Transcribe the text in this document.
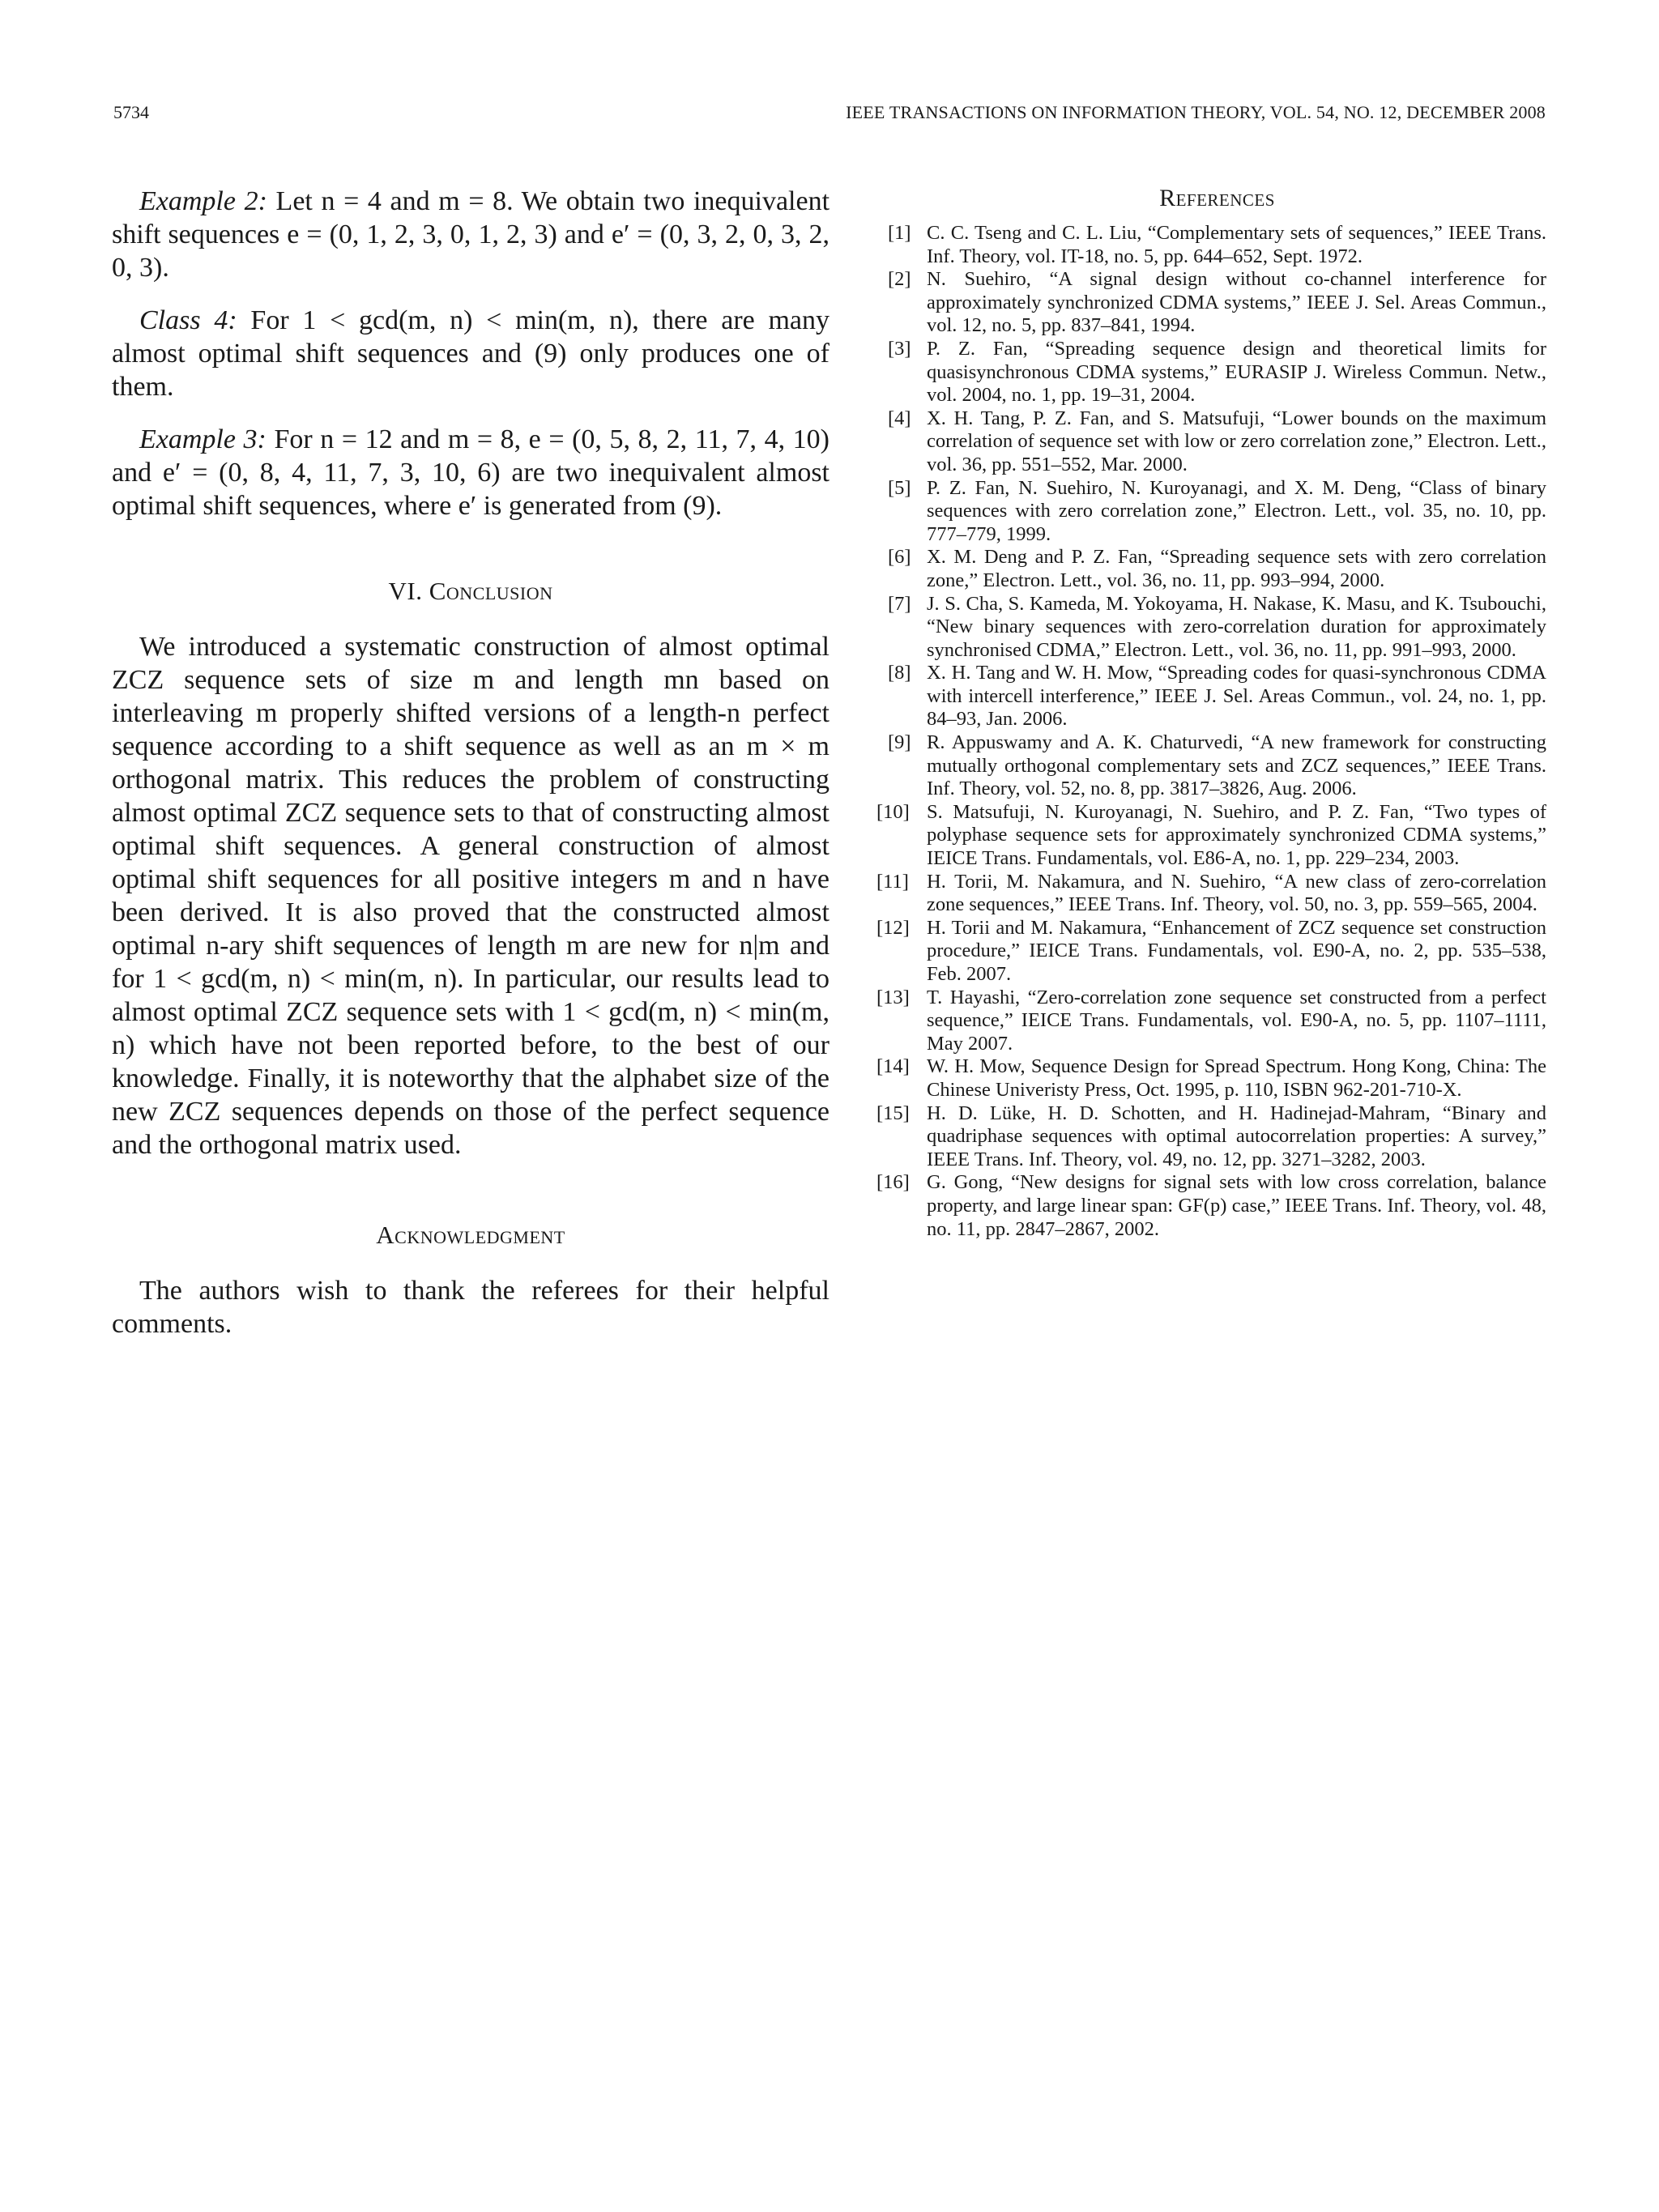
5734	IEEE TRANSACTIONS ON INFORMATION THEORY, VOL. 54, NO. 12, DECEMBER 2008

Example 2: Let n = 4 and m = 8. We obtain two inequivalent shift sequences e = (0, 1, 2, 3, 0, 1, 2, 3) and e′ = (0, 3, 2, 0, 3, 2, 0, 3).

Class 4: For 1 < gcd(m, n) < min(m, n), there are many almost optimal shift sequences and (9) only produces one of them.

Example 3: For n = 12 and m = 8, e = (0, 5, 8, 2, 11, 7, 4, 10) and e′ = (0, 8, 4, 11, 7, 3, 10, 6) are two inequivalent almost optimal shift sequences, where e′ is generated from (9).

VI. Conclusion

We introduced a systematic construction of almost optimal ZCZ sequence sets of size m and length mn based on interleaving m properly shifted versions of a length-n perfect sequence according to a shift sequence as well as an m × m orthogonal matrix. This reduces the problem of constructing almost optimal ZCZ sequence sets to that of constructing almost optimal shift sequences. A general construction of almost optimal shift sequences for all positive integers m and n have been derived. It is also proved that the constructed almost optimal n-ary shift sequences of length m are new for n|m and for 1 < gcd(m, n) < min(m, n). In particular, our results lead to almost optimal ZCZ sequence sets with 1 < gcd(m, n) < min(m, n) which have not been reported before, to the best of our knowledge. Finally, it is noteworthy that the alphabet size of the new ZCZ sequences depends on those of the perfect sequence and the orthogonal matrix used.

Acknowledgment

The authors wish to thank the referees for their helpful comments.

References
[1] C. C. Tseng and C. L. Liu, “Complementary sets of sequences,” IEEE Trans. Inf. Theory, vol. IT-18, no. 5, pp. 644–652, Sept. 1972.
[2] N. Suehiro, “A signal design without co-channel interference for approximately synchronized CDMA systems,” IEEE J. Sel. Areas Commun., vol. 12, no. 5, pp. 837–841, 1994.
[3] P. Z. Fan, “Spreading sequence design and theoretical limits for quasisynchronous CDMA systems,” EURASIP J. Wireless Commun. Netw., vol. 2004, no. 1, pp. 19–31, 2004.
[4] X. H. Tang, P. Z. Fan, and S. Matsufuji, “Lower bounds on the maximum correlation of sequence set with low or zero correlation zone,” Electron. Lett., vol. 36, pp. 551–552, Mar. 2000.
[5] P. Z. Fan, N. Suehiro, N. Kuroyanagi, and X. M. Deng, “Class of binary sequences with zero correlation zone,” Electron. Lett., vol. 35, no. 10, pp. 777–779, 1999.
[6] X. M. Deng and P. Z. Fan, “Spreading sequence sets with zero correlation zone,” Electron. Lett., vol. 36, no. 11, pp. 993–994, 2000.
[7] J. S. Cha, S. Kameda, M. Yokoyama, H. Nakase, K. Masu, and K. Tsubouchi, “New binary sequences with zero-correlation duration for approximately synchronised CDMA,” Electron. Lett., vol. 36, no. 11, pp. 991–993, 2000.
[8] X. H. Tang and W. H. Mow, “Spreading codes for quasi-synchronous CDMA with intercell interference,” IEEE J. Sel. Areas Commun., vol. 24, no. 1, pp. 84–93, Jan. 2006.
[9] R. Appuswamy and A. K. Chaturvedi, “A new framework for constructing mutually orthogonal complementary sets and ZCZ sequences,” IEEE Trans. Inf. Theory, vol. 52, no. 8, pp. 3817–3826, Aug. 2006.
[10] S. Matsufuji, N. Kuroyanagi, N. Suehiro, and P. Z. Fan, “Two types of polyphase sequence sets for approximately synchronized CDMA systems,” IEICE Trans. Fundamentals, vol. E86-A, no. 1, pp. 229–234, 2003.
[11] H. Torii, M. Nakamura, and N. Suehiro, “A new class of zero-correlation zone sequences,” IEEE Trans. Inf. Theory, vol. 50, no. 3, pp. 559–565, 2004.
[12] H. Torii and M. Nakamura, “Enhancement of ZCZ sequence set construction procedure,” IEICE Trans. Fundamentals, vol. E90-A, no. 2, pp. 535–538, Feb. 2007.
[13] T. Hayashi, “Zero-correlation zone sequence set constructed from a perfect sequence,” IEICE Trans. Fundamentals, vol. E90-A, no. 5, pp. 1107–1111, May 2007.
[14] W. H. Mow, Sequence Design for Spread Spectrum. Hong Kong, China: The Chinese Univeristy Press, Oct. 1995, p. 110, ISBN 962-201-710-X.
[15] H. D. Lüke, H. D. Schotten, and H. Hadinejad-Mahram, “Binary and quadriphase sequences with optimal autocorrelation properties: A survey,” IEEE Trans. Inf. Theory, vol. 49, no. 12, pp. 3271–3282, 2003.
[16] G. Gong, “New designs for signal sets with low cross correlation, balance property, and large linear span: GF(p) case,” IEEE Trans. Inf. Theory, vol. 48, no. 11, pp. 2847–2867, 2002.
